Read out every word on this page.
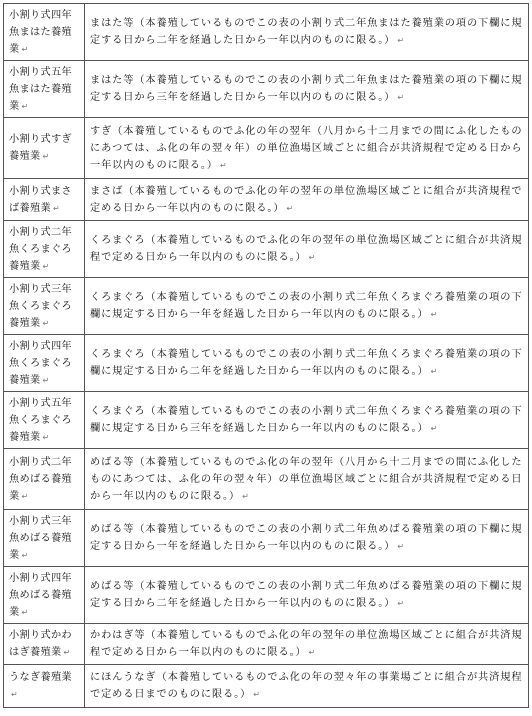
小割り式四年魚まはた養殖業 ↵	まはた等（本養殖しているものでこの表の小割り式二年魚まはた養殖業の項の下欄に規定する日から二年を経過した日から一年以内のものに限る。） ↵
小割り式五年魚まはた養殖業 ↵	まはた等（本養殖しているものでこの表の小割り式二年魚まはた養殖業の項の下欄に規定する日から三年を経過した日から一年以内のものに限る。） ↵
小割り式すぎ養殖業 ↵	すぎ（本養殖しているものでふ化の年の翌年（八月から十二月までの間にふ化したものにあつては、ふ化の年の翌々年）の単位漁場区域ごとに組合が共済規程で定める日から一年以内のものに限る。） ↵
小割り式まさば養殖業 ↵	まさば（本養殖しているものでふ化の年の翌年の単位漁場区域ごとに組合が共済規程で定める日から一年以内のものに限る。） ↵
小割り式二年魚くろまぐろ養殖業 ↵	くろまぐろ（本養殖しているものでふ化の年の翌年の単位漁場区域ごとに組合が共済規程で定める日から一年以内のものに限る。） ↵
小割り式三年魚くろまぐろ養殖業 ↵	くろまぐろ（本養殖しているものでこの表の小割り式二年魚くろまぐろ養殖業の項の下欄に規定する日から一年を経過した日から一年以内のものに限る。） ↵
小割り式四年魚くろまぐろ養殖業 ↵	くろまぐろ（本養殖しているものでこの表の小割り式二年魚くろまぐろ養殖業の項の下欄に規定する日から二年を経過した日から一年以内のものに限る。） ↵
小割り式五年魚くろまぐろ養殖業 ↵	くろまぐろ（本養殖しているものでこの表の小割り式二年魚くろまぐろ養殖業の項の下欄に規定する日から三年を経過した日から一年以内のものに限る。） ↵
小割り式二年魚めばる養殖業 ↵	めばる等（本養殖しているものでふ化の年の翌年（八月から十二月までの間にふ化したものにあつては、ふ化の年の翌々年）の単位漁場区域ごとに組合が共済規程で定める日から一年以内のものに限る。） ↵
小割り式三年魚めばる養殖業 ↵	めばる等（本養殖しているものでこの表の小割り式二年魚めばる養殖業の項の下欄に規定する日から一年を経過した日から一年以内のものに限る。） ↵
小割り式四年魚めばる養殖業 ↵	めばる等（本養殖しているものでこの表の小割り式二年魚めばる養殖業の項の下欄に規定する日から二年を経過した日から一年以内のものに限る。） ↵
小割り式かわはぎ養殖業 ↵	かわはぎ等（本養殖しているものでふ化の年の翌年の単位漁場区域ごとに組合が共済規程で定める日から一年以内のものに限る。） ↵
うなぎ養殖業↵	にほんうなぎ（本養殖しているものでふ化の年の翌々年の事業場ごとに組合が共済規程で定める日までのものに限る。） ↵
